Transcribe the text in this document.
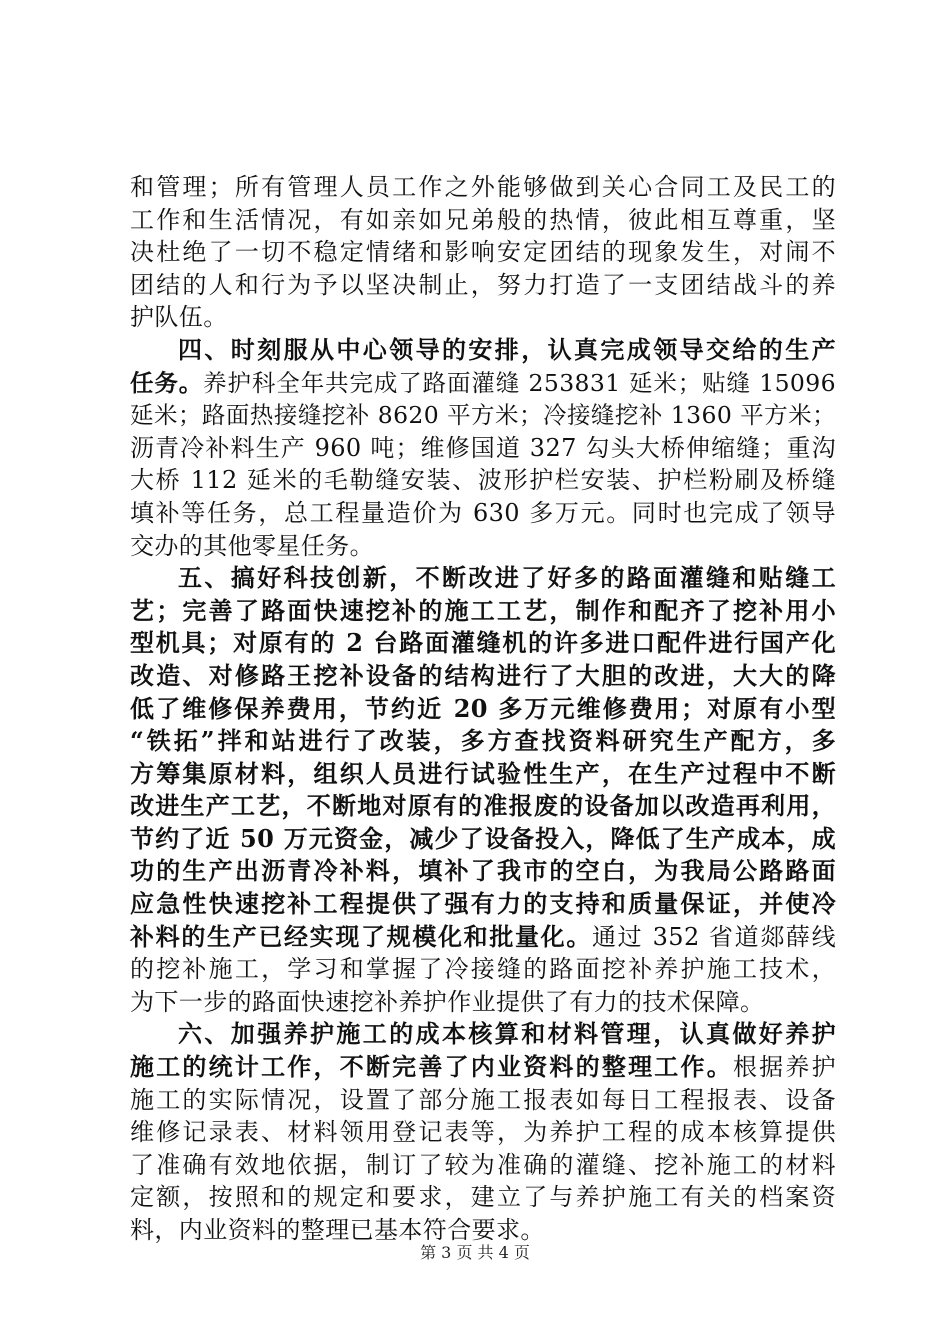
和管理；所有管理人员工作之外能够做到关心合同工及民工的
工作和生活情况，有如亲如兄弟般的热情，彼此相互尊重，坚
决杜绝了一切不稳定情绪和影响安定团结的现象发生，对闹不
团结的人和行为予以坚决制止，努力打造了一支团结战斗的养
护队伍。
四、时刻服从中心领导的安排，认真完成领导交给的生产
任务。养护科全年共完成了路面灌缝 253831 延米；贴缝 15096
延米；路面热接缝挖补 8620 平方米；冷接缝挖补 1360 平方米；
沥青冷补料生产 960 吨；维修国道 327 勾头大桥伸缩缝；重沟
大桥 112 延米的毛勒缝安装、波形护栏安装、护栏粉刷及桥缝
填补等任务，总工程量造价为 630 多万元。同时也完成了领导
交办的其他零星任务。
五、搞好科技创新，不断改进了好多的路面灌缝和贴缝工
艺；完善了路面快速挖补的施工工艺，制作和配齐了挖补用小
型机具；对原有的 2 台路面灌缝机的许多进口配件进行国产化
改造、对修路王挖补设备的结构进行了大胆的改进，大大的降
低了维修保养费用，节约近 20 多万元维修费用；对原有小型
“铁拓”拌和站进行了改装，多方查找资料研究生产配方，多
方筹集原材料，组织人员进行试验性生产，在生产过程中不断
改进生产工艺，不断地对原有的准报废的设备加以改造再利用，
节约了近 50 万元资金，减少了设备投入，降低了生产成本，成
功的生产出沥青冷补料，填补了我市的空白，为我局公路路面
应急性快速挖补工程提供了强有力的支持和质量保证，并使冷
补料的生产已经实现了规模化和批量化。通过 352 省道郯薛线
的挖补施工，学习和掌握了冷接缝的路面挖补养护施工技术，
为下一步的路面快速挖补养护作业提供了有力的技术保障。
六、加强养护施工的成本核算和材料管理，认真做好养护
施工的统计工作，不断完善了内业资料的整理工作。根据养护
施工的实际情况，设置了部分施工报表如每日工程报表、设备
维修记录表、材料领用登记表等，为养护工程的成本核算提供
了准确有效地依据，制订了较为准确的灌缝、挖补施工的材料
定额，按照和的规定和要求，建立了与养护施工有关的档案资
料，内业资料的整理已基本符合要求。
第 3 页 共 4 页
